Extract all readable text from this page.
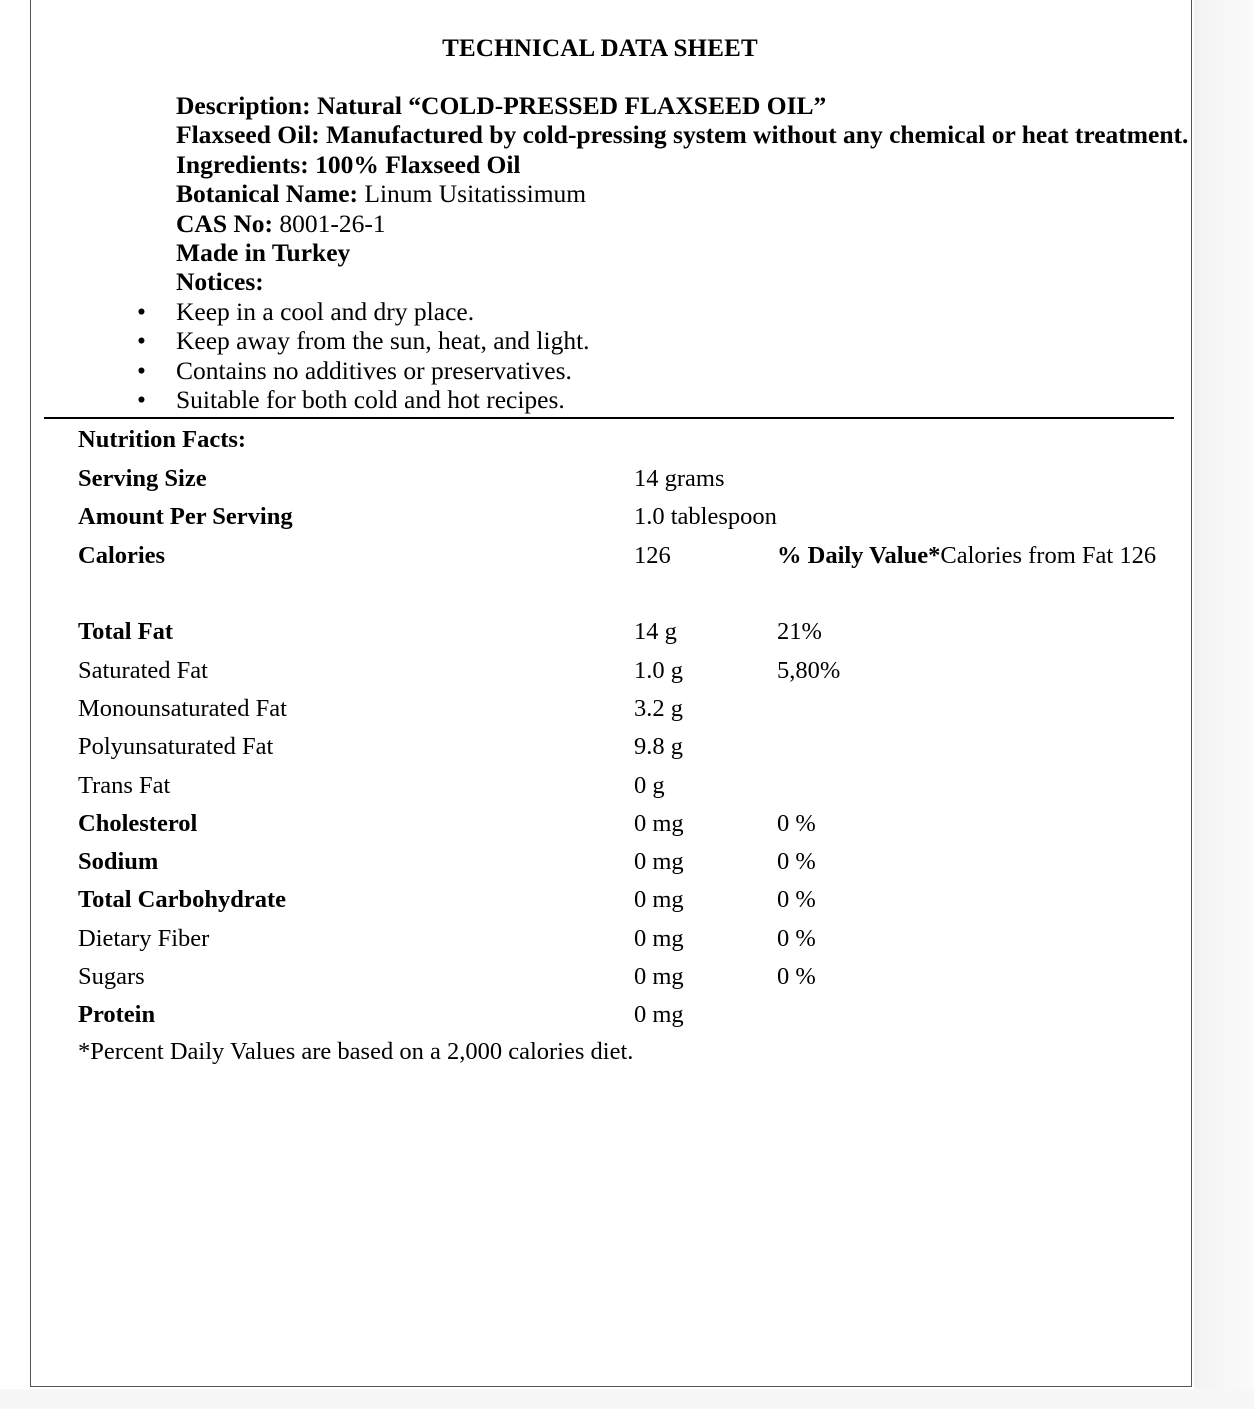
TECHNICAL DATA SHEET
Description: Natural “COLD-PRESSED FLAXSEED OIL”
Flaxseed Oil: Manufactured by cold-pressing system without any chemical or heat treatment.
Ingredients: 100% Flaxseed Oil
Botanical Name: Linum Usitatissimum
CAS No: 8001-26-1
Made in Turkey
Notices:
• Keep in a cool and dry place.
• Keep away from the sun, heat, and light.
• Contains no additives or preservatives.
• Suitable for both cold and hot recipes.
Nutrition Facts:
Serving Size	14 grams
Amount Per Serving	1.0 tablespoon
Calories	126	% Daily Value*Calories from Fat 126
Total Fat	14 g	21%
Saturated Fat	1.0 g	5,80%
Monounsaturated Fat	3.2 g
Polyunsaturated Fat	9.8 g
Trans Fat	0 g
Cholesterol	0 mg	0 %
Sodium	0 mg	0 %
Total Carbohydrate	0 mg	0 %
Dietary Fiber	0 mg	0 %
Sugars	0 mg	0 %
Protein	0 mg
*Percent Daily Values are based on a 2,000 calories diet.
